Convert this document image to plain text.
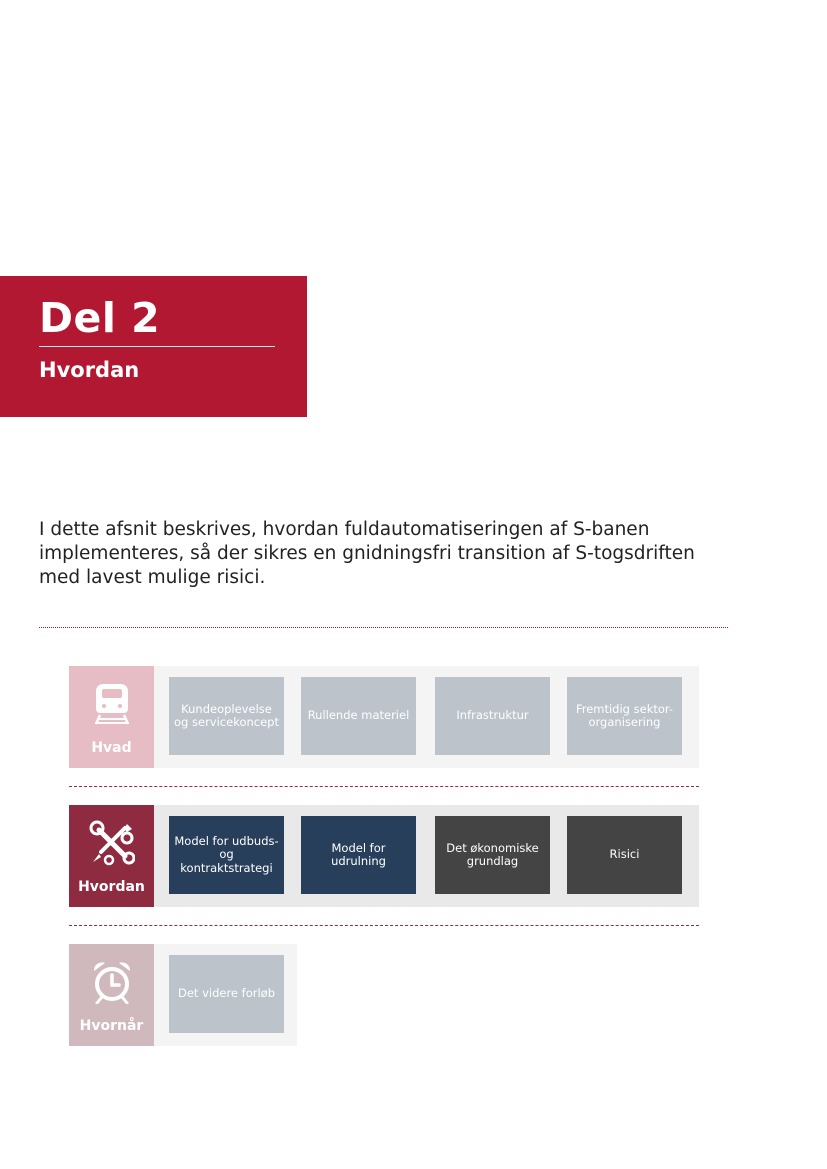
Del 2
Hvordan

I dette afsnit beskrives, hvordan fuldautomatiseringen af S-banen implementeres, så der sikres en gnidningsfri transition af S-togsdriften med lavest mulige risici.

Hvad
Kundeoplevelse og servicekoncept	Rullende materiel	Infrastruktur	Fremtidig sektor-organisering
Hvordan
Model for udbuds- og kontraktstrategi
Model for udrulning
Det økonomiske grundlag	Risici
Hvornår
Det videre forløb
